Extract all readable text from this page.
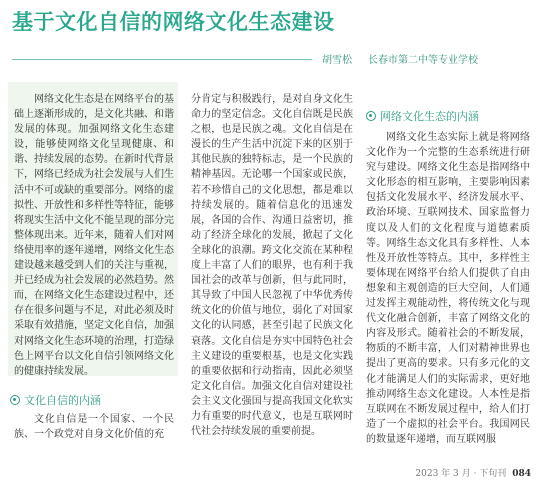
基于文化自信的网络文化生态建设
胡雪松 长春市第二中等专业学校

网络文化生态是在网络平台的基础上逐渐形成的，是文化共融、和谐发展的体现。加强网络文化生态建设，能够使网络文化呈现健康、和谐、持续发展的态势。在新时代背景下，网络已经成为社会发展与人们生活中不可或缺的重要部分。网络的虚拟性、开放性和多样性等特征，能够将现实生活中文化不能呈现的部分完整体现出来。近年来，随着人们对网络使用率的逐年递增，网络文化生态建设越来越受到人们的关注与重视，并已经成为社会发展的必然趋势。然而，在网络文化生态建设过程中，还存在很多问题与不足，对此必须及时采取有效措施，坚定文化自信，加强对网络文化生态环境的治理，打造绿色上网平台以文化自信引领网络文化的健康持续发展。

文化自信的内涵

文化自信是一个国家、一个民族、一个政党对自身文化价值的充

分肯定与积极践行，是对自身文化生命力的坚定信念。文化自信既是民族之根，也是民族之魂。文化自信是在漫长的生产生活中沉淀下来的区别于其他民族的独特标志，是一个民族的精神基因。无论哪一个国家或民族，若不珍惜自己的文化思想，都是难以持续发展的。随着信息化的迅速发展，各国的合作、沟通日益密切，推动了经济全球化的发展，掀起了文化全球化的浪潮。跨文化交流在某种程度上丰富了人们的眼界，也有利于我国社会的改革与创新，但与此同时，其导致了中国人民忽视了中华优秀传统文化的价值与地位，弱化了对国家文化的认同感，甚至引起了民族文化衰落。文化自信是夯实中国特色社会主义建设的重要根基，也是文化实践的重要依据和行动指南，因此必须坚定文化自信。加强文化自信对建设社会主义文化强国与提高我国文化软实力有重要的时代意义，也是互联网时代社会持续发展的重要前提。

网络文化生态的内涵

网络文化生态实际上就是将网络文化作为一个完整的生态系统进行研究与建设。网络文化生态是指网络中文化形态的相互影响，主要影响因素包括文化发展水平、经济发展水平、政治环境、互联网技术、国家监督力度以及人们的文化程度与道德素质等。网络生态文化具有多样性、人本性及开放性等特点。其中，多样性主要体现在网络平台给人们提供了自由想象和主观创造的巨大空间，人们通过发挥主观能动性，将传统文化与现代文化融合创新，丰富了网络文化的内容及形式。随着社会的不断发展，物质的不断丰富，人们对精神世界也提出了更高的要求。只有多元化的文化才能满足人们的实际需求，更好地推动网络生态文化建设。人本性是指互联网在不断发展过程中，给人们打造了一个虚拟的社会平台。我国网民的数量逐年递增，而互联网服

2023 年 3 月 · 下旬刊 084
